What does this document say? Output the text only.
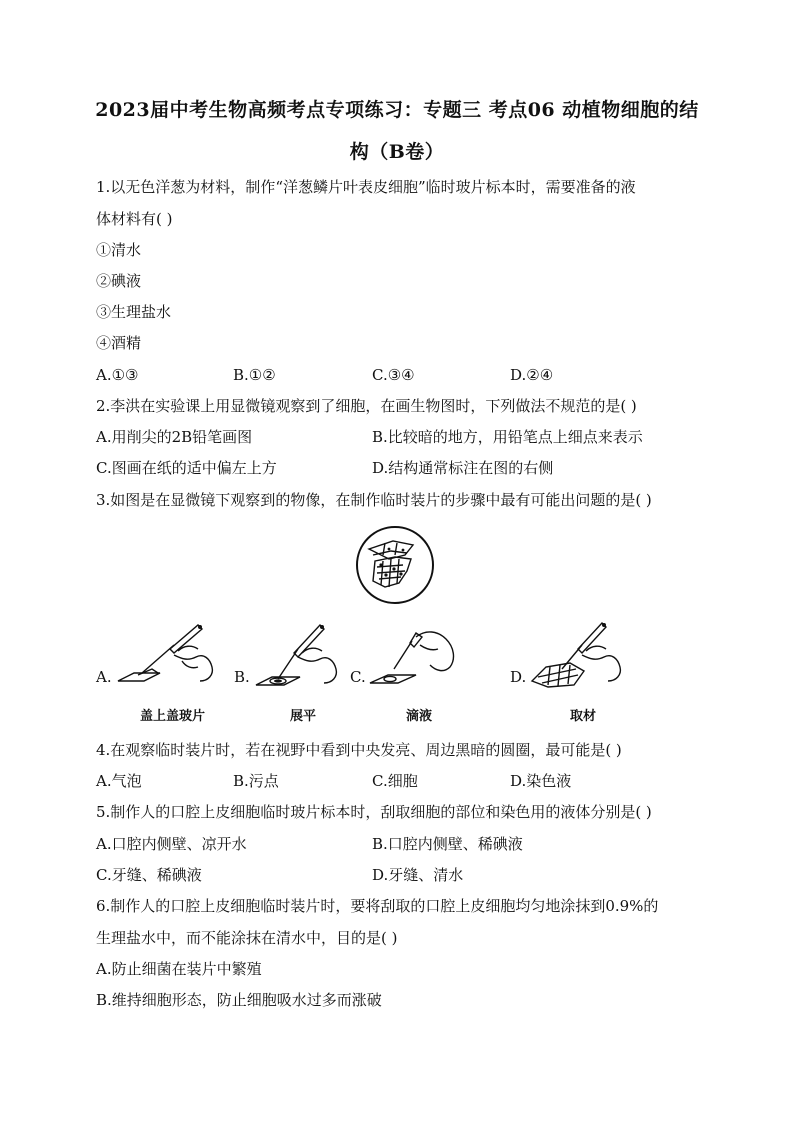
2023届中考生物高频考点专项练习：专题三 考点06 动植物细胞的结
构（B卷）
1.以无色洋葱为材料，制作“洋葱鳞片叶表皮细胞”临时玻片标本时，需要准备的液
体材料有( )
①清水
②碘液
③生理盐水
④酒精
A.①③	B.①②	C.③④	D.②④
2.李洪在实验课上用显微镜观察到了细胞，在画生物图时，下列做法不规范的是( )
A.用削尖的2B铅笔画图	B.比较暗的地方，用铅笔点上细点来表示
C.图画在纸的适中偏左上方	D.结构通常标注在图的右侧
3.如图是在显微镜下观察到的物像，在制作临时装片的步骤中最有可能出问题的是( )
A.
盖上盖玻片
B.
展平
C.
滴液
D.
取材
4.在观察临时装片时，若在视野中看到中央发亮、周边黑暗的圆圈，最可能是( )
A.气泡	B.污点	C.细胞	D.染色液
5.制作人的口腔上皮细胞临时玻片标本时，刮取细胞的部位和染色用的液体分别是( )
A.口腔内侧壁、凉开水	B.口腔内侧壁、稀碘液
C.牙缝、稀碘液	D.牙缝、清水
6.制作人的口腔上皮细胞临时装片时，要将刮取的口腔上皮细胞均匀地涂抹到0.9%的
生理盐水中，而不能涂抹在清水中，目的是( )
A.防止细菌在装片中繁殖
B.维持细胞形态，防止细胞吸水过多而涨破
